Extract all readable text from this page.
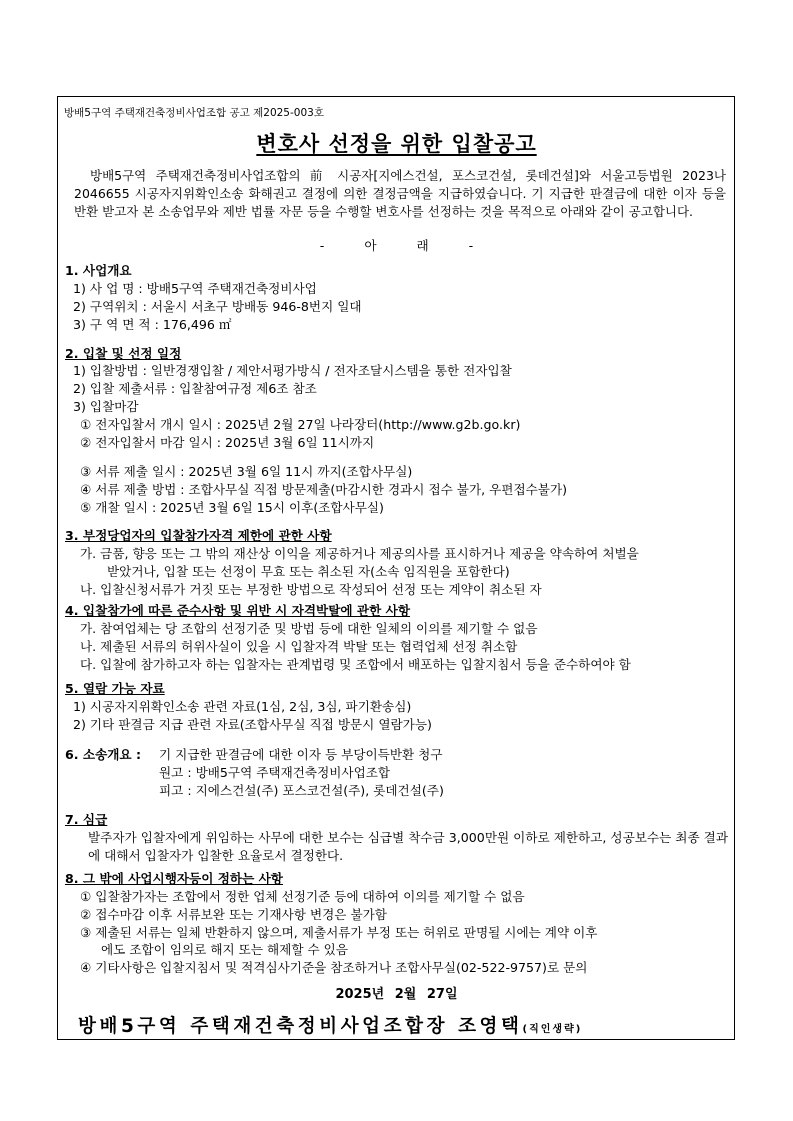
방배5구역 주택재건축정비사업조합 공고 제2025-003호
변호사 선정을 위한 입찰공고
방배5구역 주택재건축정비사업조합의 前 시공자[지에스건설, 포스코건설, 롯데건설]와 서울고등법원 2023나 2046655 시공자지위확인소송 화해권고 결정에 의한 결정금액을 지급하였습니다. 기 지급한 판결금에 대한 이자 등을 반환 받고자 본 소송업무와 제반 법률 자문 등을 수행할 변호사를 선정하는 것을 목적으로 아래와 같이 공고합니다.
-	아	래	-
1. 사업개요
1) 사 업 명 : 방배5구역 주택재건축정비사업
2) 구역위치 : 서울시 서초구 방배동 946-8번지 일대
3) 구 역 면 적 : 176,496 ㎡
2. 입찰 및 선정 일정
1) 입찰방법 : 일반경쟁입찰 / 제안서평가방식 / 전자조달시스템을 통한 전자입찰
2) 입찰 제출서류 : 입찰참여규정 제6조 참조
3) 입찰마감
① 전자입찰서 개시 일시 : 2025년 2월 27일 나라장터(http://www.g2b.go.kr)
② 전자입찰서 마감 일시 : 2025년 3월 6일 11시까지
③ 서류 제출 일시 : 2025년 3월 6일 11시 까지(조합사무실)
④ 서류 제출 방법 : 조합사무실 직접 방문제출(마감시한 경과시 접수 불가, 우편접수불가)
⑤ 개찰 일시 : 2025년 3월 6일 15시 이후(조합사무실)
3. 부정당업자의 입찰참가자격 제한에 관한 사항
가. 금품, 향응 또는 그 밖의 재산상 이익을 제공하거나 제공의사를 표시하거나 제공을 약속하여 처벌을
받았거나, 입찰 또는 선정이 무효 또는 취소된 자(소속 임직원을 포함한다)
나. 입찰신청서류가 거짓 또는 부정한 방법으로 작성되어 선정 또는 계약이 취소된 자
4. 입찰참가에 따른 준수사항 및 위반 시 자격박탈에 관한 사항
가. 참여업체는 당 조합의 선정기준 및 방법 등에 대한 일체의 이의를 제기할 수 없음
나. 제출된 서류의 허위사실이 있을 시 입찰자격 박탈 또는 협력업체 선정 취소함
다. 입찰에 참가하고자 하는 입찰자는 관계법령 및 조합에서 배포하는 입찰지침서 등을 준수하여야 함
5. 열람 가능 자료
1) 시공자지위확인소송 관련 자료(1심, 2심, 3심, 파기환송심)
2) 기타 판결금 지급 관련 자료(조합사무실 직접 방문시 열람가능)
6. 소송개요 : 기 지급한 판결금에 대한 이자 등 부당이득반환 청구
원고 : 방배5구역 주택재건축정비사업조합
피고 : 지에스건설(주) 포스코건설(주), 롯데건설(주)
7. 심급
발주자가 입찰자에게 위임하는 사무에 대한 보수는 심급별 착수금 3,000만원 이하로 제한하고, 성공보수는 최종 결과에 대해서 입찰자가 입찰한 요율로서 결정한다.
8. 그 밖에 사업시행자등이 정하는 사항
① 입찰참가자는 조합에서 정한 업체 선정기준 등에 대하여 이의를 제기할 수 없음
② 접수마감 이후 서류보완 또는 기재사항 변경은 불가함
③ 제출된 서류는 일체 반환하지 않으며, 제출서류가 부정 또는 허위로 판명될 시에는 계약 이후
에도 조합이 임의로 해지 또는 해제할 수 있음
④ 기타사항은 입찰지침서 및 적격심사기준을 참조하거나 조합사무실(02-522-9757)로 문의
2025년 2월 27일
방배5구역 주택재건축정비사업조합장 조영택(직인생략)
